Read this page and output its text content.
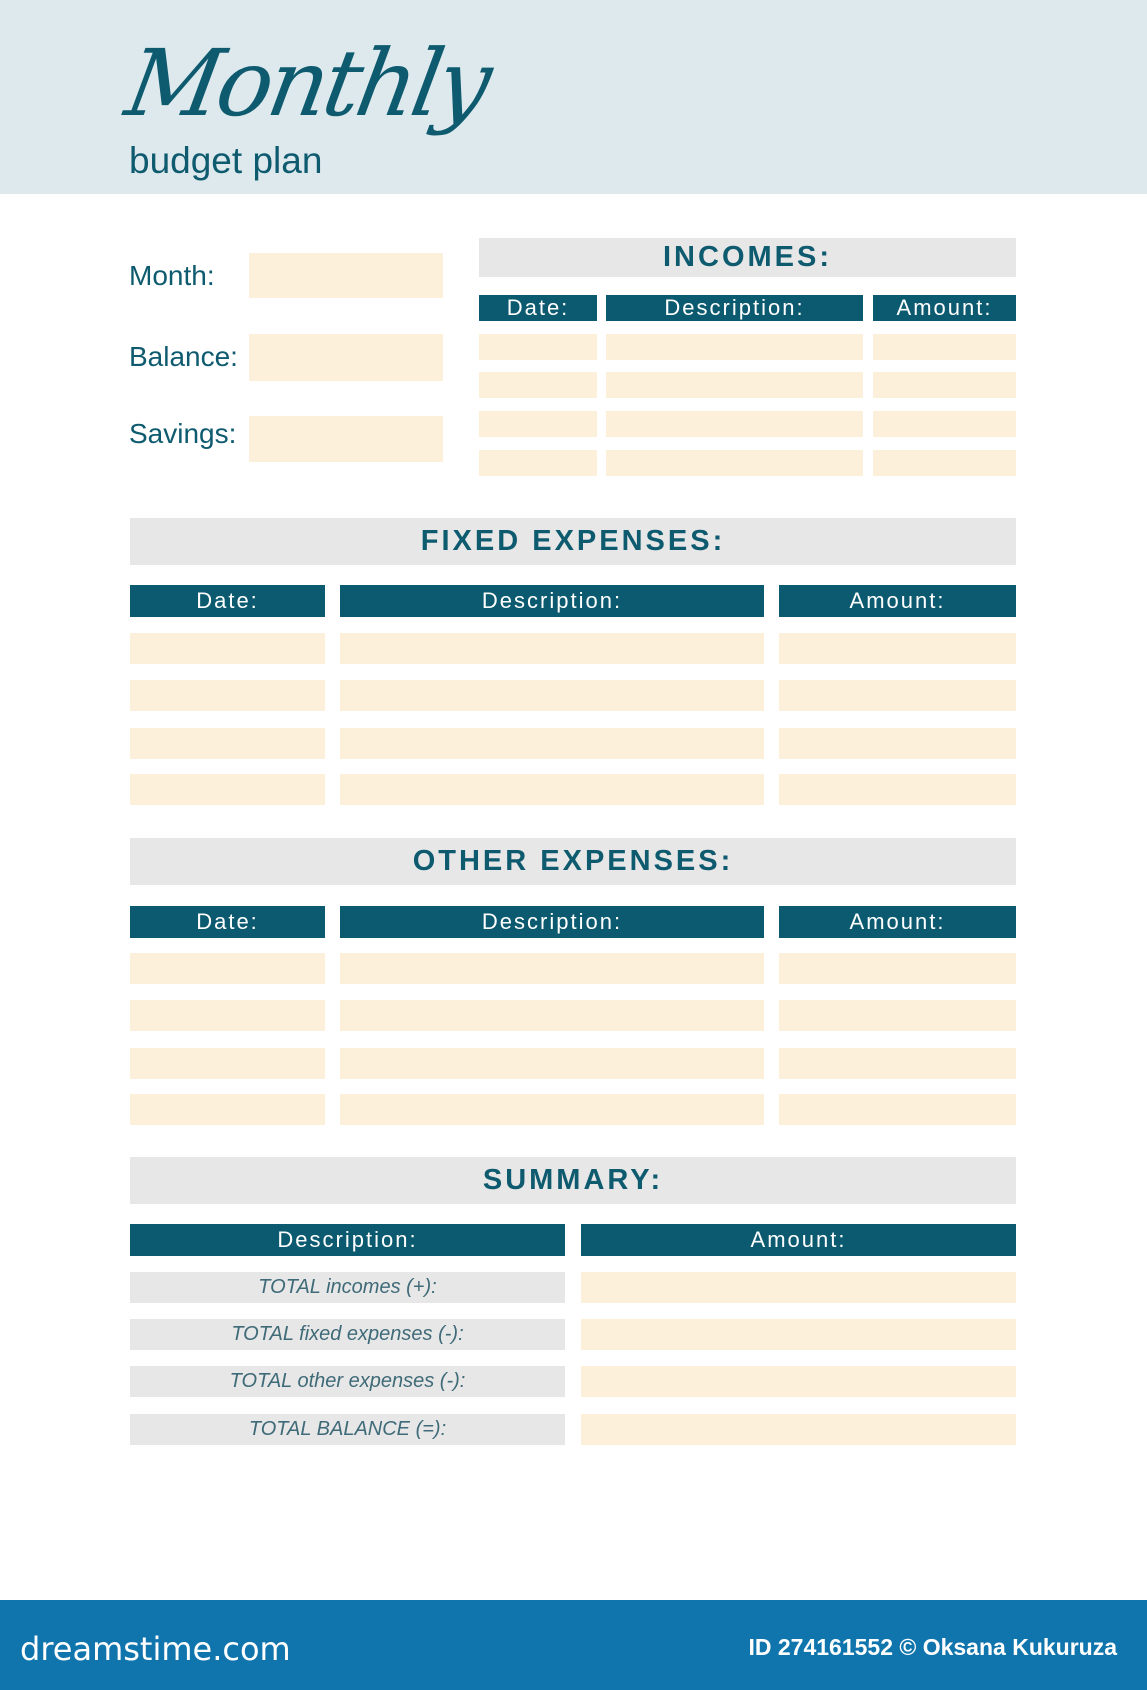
Monthly
budget plan
Month:
Balance:
Savings:
INCOMES:
Date:	Description:	Amount:
FIXED EXPENSES:
Date:	Description:	Amount:
OTHER EXPENSES:
Date:	Description:	Amount:
SUMMARY:
Description:	Amount:
TOTAL incomes (+):
TOTAL fixed expenses (-):
TOTAL other expenses (-):
TOTAL BALANCE (=):
dreamstime.com	ID 274161552 © Oksana Kukuruza
